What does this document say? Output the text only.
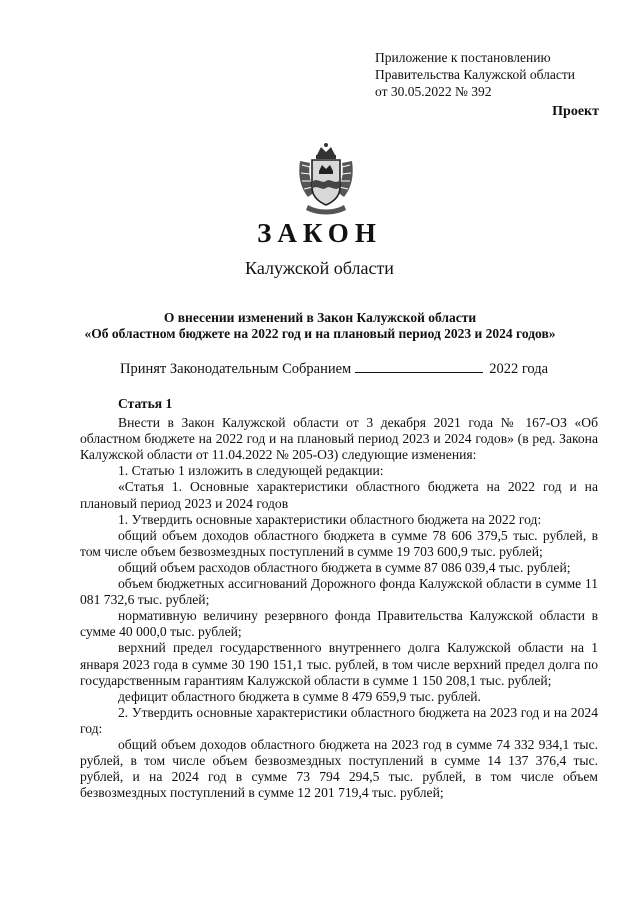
Приложение к постановлению
Правительства Калужской области
от 30.05.2022 № 392
Проект
ЗАКОН
Калужской области
О внесении изменений в Закон Калужской области
«Об областном бюджете на 2022 год и на плановый период 2023 и 2024 годов»
Принят Законодательным Собранием	2022 года

Статья 1

Внести в Закон Калужской области от 3 декабря 2021 года № 167-ОЗ «Об областном бюджете на 2022 год и на плановый период 2023 и 2024 годов» (в ред. Закона Калужской области от 11.04.2022 № 205-ОЗ) следующие изменения:

1. Статью 1 изложить в следующей редакции:

«Статья 1. Основные характеристики областного бюджета на 2022 год и на плановый период 2023 и 2024 годов

1. Утвердить основные характеристики областного бюджета на 2022 год:

общий объем доходов областного бюджета в сумме 78 606 379,5 тыс. рублей, в том числе объем безвозмездных поступлений в сумме 19 703 600,9 тыс. рублей;

общий объем расходов областного бюджета в сумме 87 086 039,4 тыс. рублей;

объем бюджетных ассигнований Дорожного фонда Калужской области в сумме 11 081 732,6 тыс. рублей;

нормативную величину резервного фонда Правительства Калужской области в сумме 40 000,0 тыс. рублей;

верхний предел государственного внутреннего долга Калужской области на 1 января 2023 года в сумме 30 190 151,1 тыс. рублей, в том числе верхний предел долга по государственным гарантиям Калужской области в сумме 1 150 208,1 тыс. рублей;

дефицит областного бюджета в сумме 8 479 659,9 тыс. рублей.

2. Утвердить основные характеристики областного бюджета на 2023 год и на 2024 год:

общий объем доходов областного бюджета на 2023 год в сумме 74 332 934,1 тыс. рублей, в том числе объем безвозмездных поступлений в сумме 14 137 376,4 тыс. рублей, и на 2024 год в сумме 73 794 294,5 тыс. рублей, в том числе объем безвозмездных поступлений в сумме 12 201 719,4 тыс. рублей;
